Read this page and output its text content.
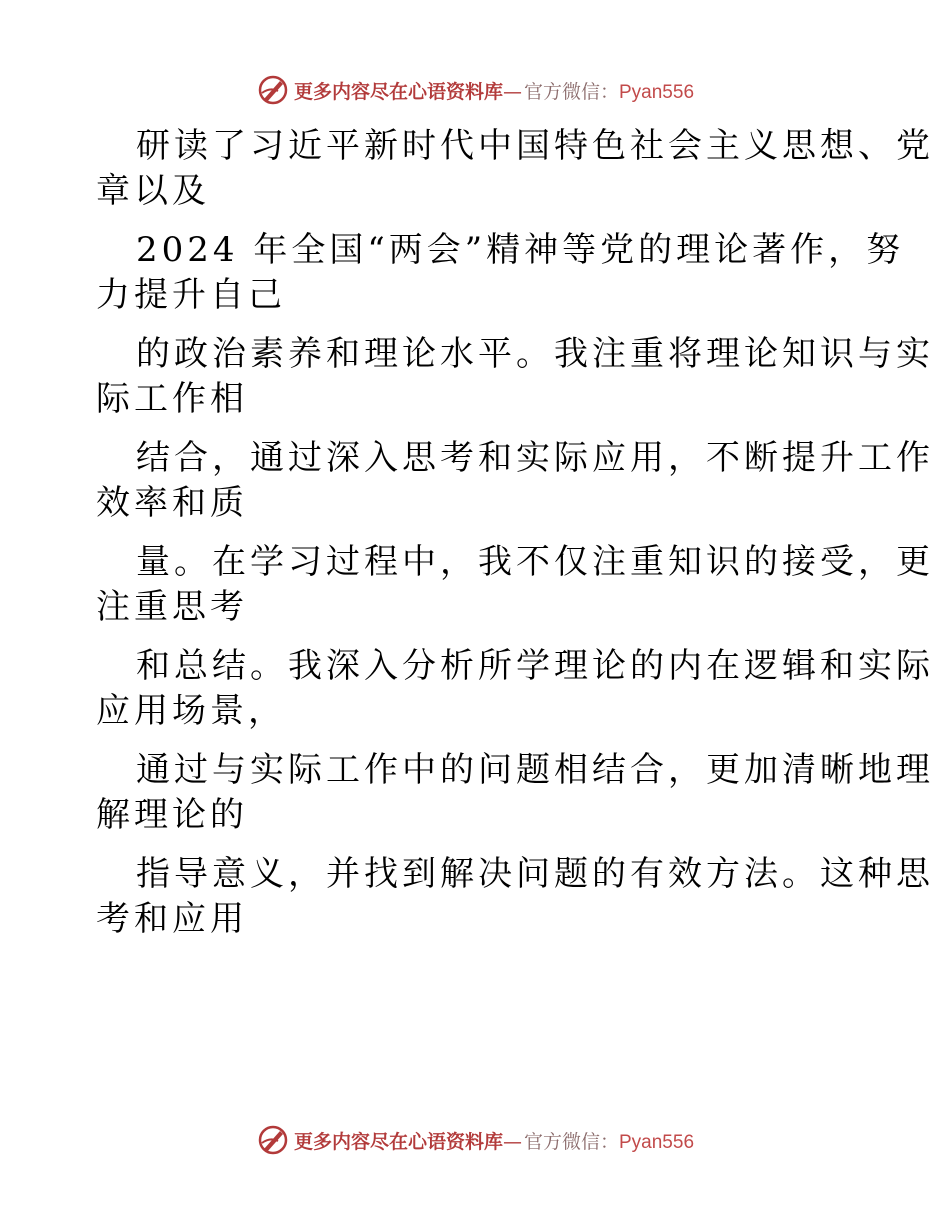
更多内容尽在心语资料库— 官方微信：Pyan556
研读了习近平新时代中国特色社会主义思想、党
章以及
2024 年全国“两会”精神等党的理论著作，努
力提升自己
的政治素养和理论水平。我注重将理论知识与实
际工作相
结合，通过深入思考和实际应用，不断提升工作
效率和质
量。在学习过程中，我不仅注重知识的接受，更
注重思考
和总结。我深入分析所学理论的内在逻辑和实际
应用场景，
通过与实际工作中的问题相结合，更加清晰地理
解理论的
指导意义，并找到解决问题的有效方法。这种思
考和应用
更多内容尽在心语资料库— 官方微信：Pyan556
